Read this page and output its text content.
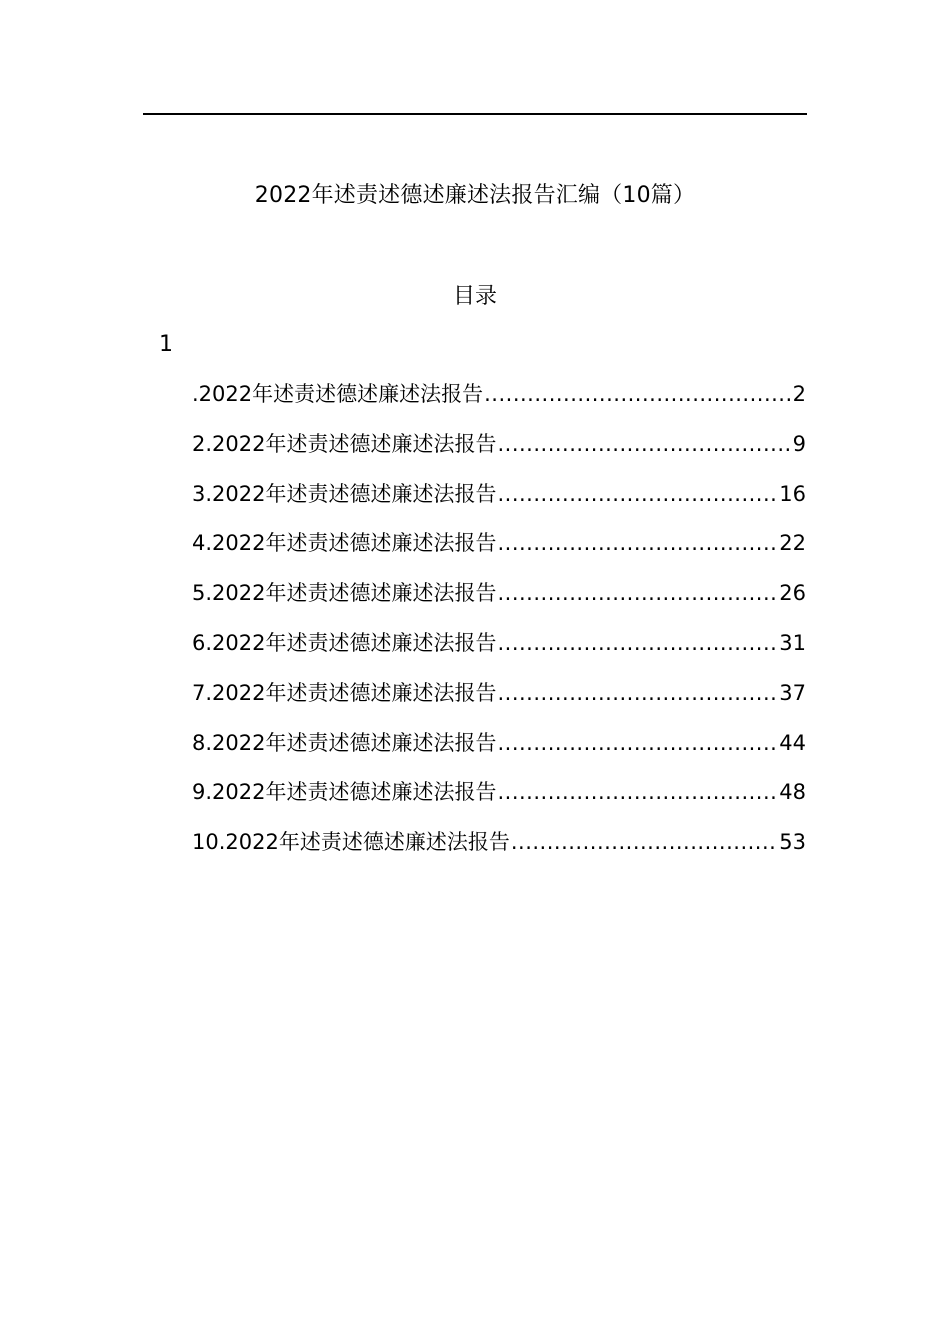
2022年述责述德述廉述法报告汇编（10篇）
目录
1
.2022年述责述德述廉述法报告 .....	2
2.2022年述责述德述廉述法报告 .....	9
3.2022年述责述德述廉述法报告 .....	16
4.2022年述责述德述廉述法报告 .....	22
5.2022年述责述德述廉述法报告 .....	26
6.2022年述责述德述廉述法报告 .....	31
7.2022年述责述德述廉述法报告 .....	37
8.2022年述责述德述廉述法报告 .....	44
9.2022年述责述德述廉述法报告 .....	48
10.2022年述责述德述廉述法报告 .....	53
